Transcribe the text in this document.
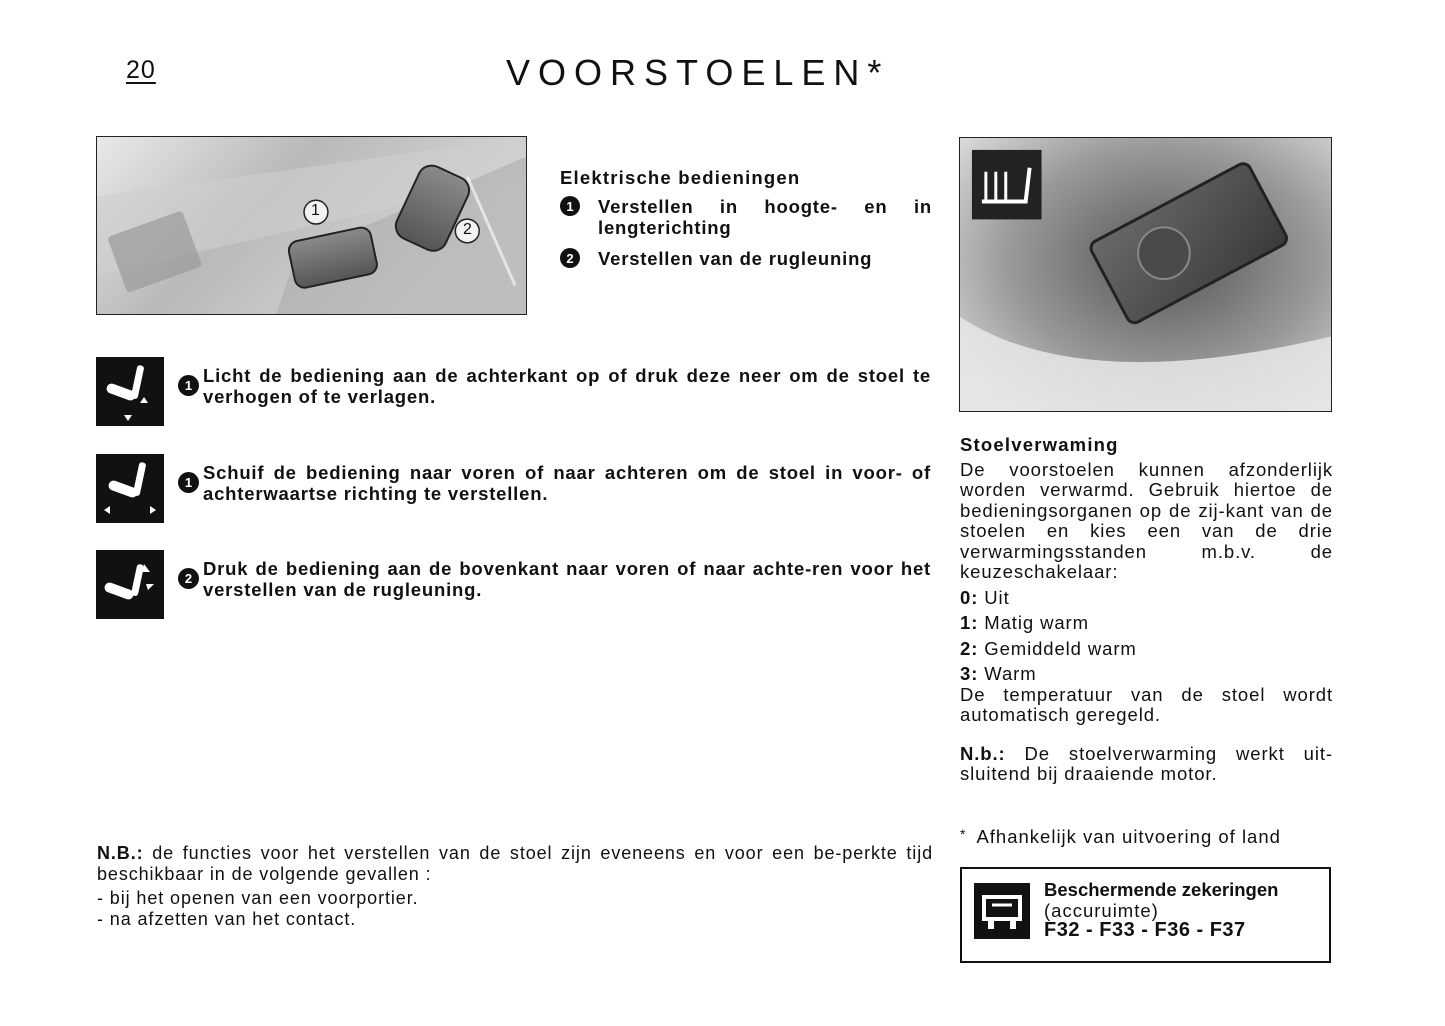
20	VOORSTOELEN*
1
2
Elektrische bedieningen
1	Verstellen in hoogte- en in lengterichting
2	Verstellen van de rugleuning
1 Licht de bediening aan de achterkant op of druk deze neer om de stoel te verhogen of te verlagen.
1 Schuif de bediening naar voren of naar achteren om de stoel in voor- of achterwaartse richting te verstellen.
2 Druk de bediening aan de bovenkant naar voren of naar achte-ren voor het verstellen van de rugleuning.

N.B.: de functies voor het verstellen van de stoel zijn eveneens en voor een be-perkte tijd beschikbaar in de volgende gevallen :

- bij het openen van een voorportier.
- na afzetten van het contact.
Stoelverwaming
De voorstoelen kunnen afzonderlijk worden verwarmd. Gebruik hiertoe de bedieningsorganen op de zij-kant van de stoelen en kies een van de drie verwarmingsstanden m.b.v. de keuzeschakelaar:
0: Uit
1: Matig warm
2: Gemiddeld warm
3: Warm
De temperatuur van de stoel wordt automatisch geregeld.
N.b.: De stoelverwarming werkt uit-sluitend bij draaiende motor.
* Afhankelijk van uitvoering of land
Beschermende zekeringen
(accuruimte)
F32 - F33 - F36 - F37
